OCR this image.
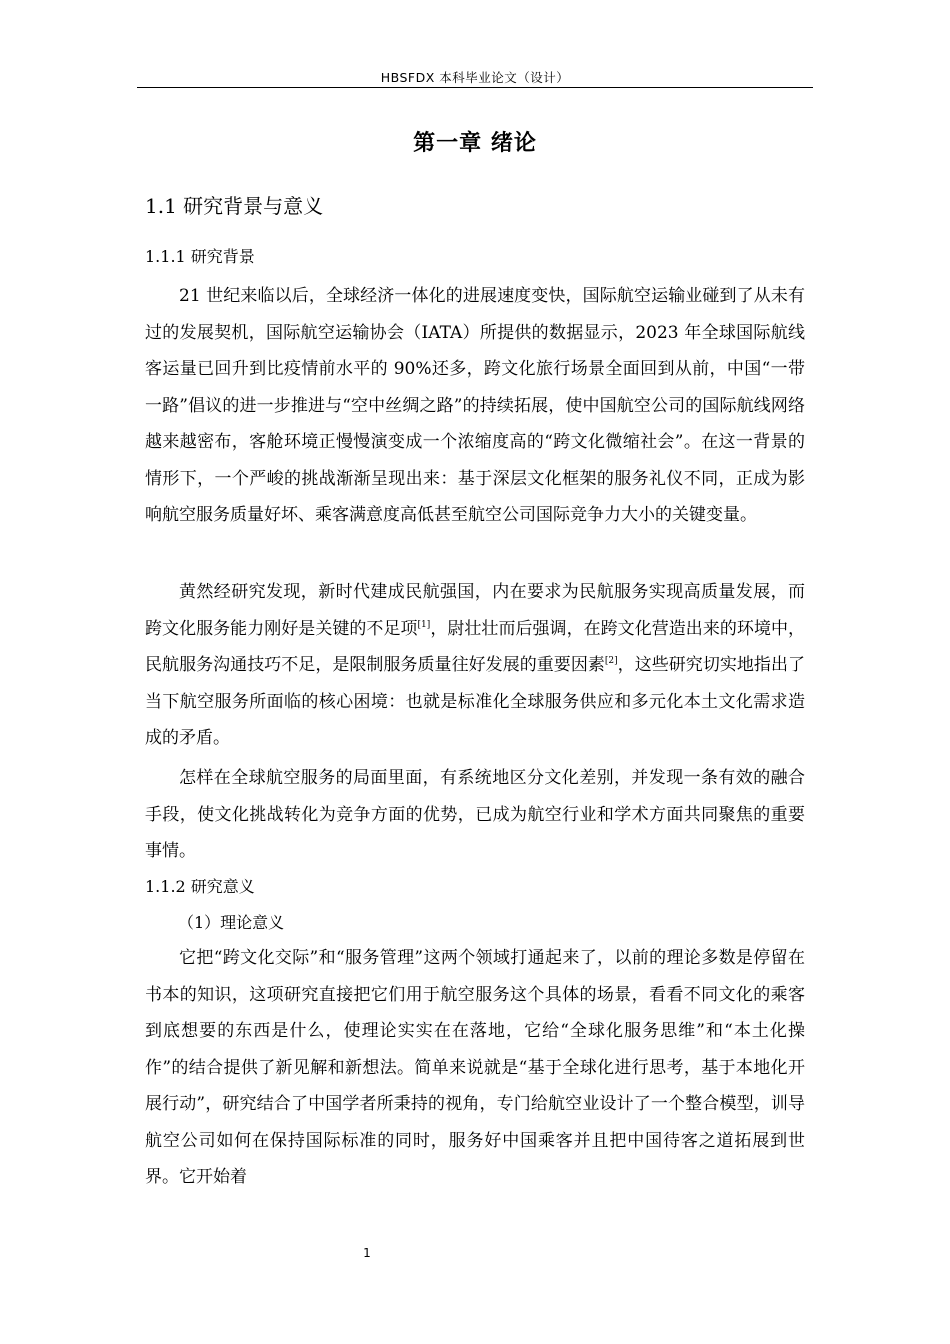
HBSFDX 本科毕业论文（设计）
第一章 绪论
1.1 研究背景与意义
1.1.1 研究背景

21 世纪来临以后，全球经济一体化的进展速度变快，国际航空运输业碰到了从未有过的发展契机，国际航空运输协会（IATA）所提供的数据显示，2023 年全球国际航线客运量已回升到比疫情前水平的 90%还多，跨文化旅行场景全面回到从前，中国“一带一路”倡议的进一步推进与“空中丝绸之路”的持续拓展，使中国航空公司的国际航线网络越来越密布，客舱环境正慢慢演变成一个浓缩度高的“跨文化微缩社会”。在这一背景的情形下，一个严峻的挑战渐渐呈现出来：基于深层文化框架的服务礼仪不同，正成为影响航空服务质量好坏、乘客满意度高低甚至航空公司国际竞争力大小的关键变量。

黄然经研究发现，新时代建成民航强国，内在要求为民航服务实现高质量发展，而跨文化服务能力刚好是关键的不足项[1]，尉壮壮而后强调，在跨文化营造出来的环境中，民航服务沟通技巧不足，是限制服务质量往好发展的重要因素[2]，这些研究切实地指出了当下航空服务所面临的核心困境：也就是标准化全球服务供应和多元化本土文化需求造成的矛盾。

怎样在全球航空服务的局面里面，有系统地区分文化差别，并发现一条有效的融合手段，使文化挑战转化为竞争方面的优势，已成为航空行业和学术方面共同聚焦的重要事情。

1.1.2 研究意义
（1）理论意义

它把“跨文化交际”和“服务管理”这两个领域打通起来了，以前的理论多数是停留在书本的知识，这项研究直接把它们用于航空服务这个具体的场景，看看不同文化的乘客到底想要的东西是什么，使理论实实在在落地，它给“全球化服务思维”和“本土化操作”的结合提供了新见解和新想法。简单来说就是“基于全球化进行思考，基于本地化开展行动”，研究结合了中国学者所秉持的视角，专门给航空业设计了一个整合模型，训导航空公司如何在保持国际标准的同时，服务好中国乘客并且把中国待客之道拓展到世界。它开始着

1
